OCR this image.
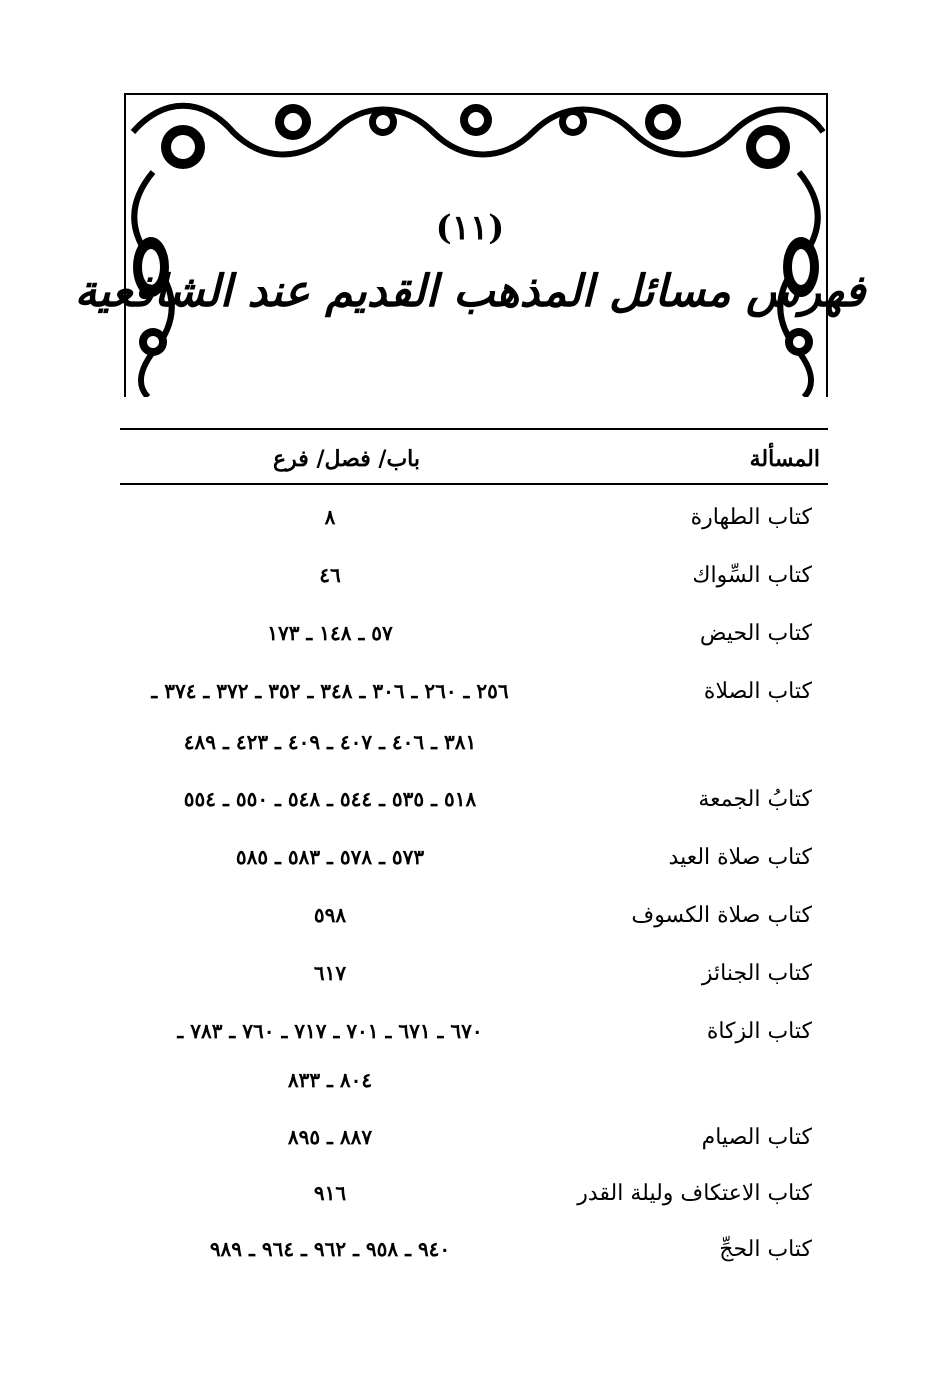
(١١)
فهرس مسائل المذهب القديم عند الشافعية
المسألة
باب/ فصل/ فرع
كتاب الطهارة
٨
كتاب السِّواك
٤٦
كتاب الحيض
٥٧ ـ ١٤٨ ـ ١٧٣
كتاب الصلاة
٢٥٦ ـ ٢٦٠ ـ ٣٠٦ ـ ٣٤٨ ـ ٣٥٢ ـ ٣٧٢ ـ ٣٧٤ ـ
٣٨١ ـ ٤٠٦ ـ ٤٠٧ ـ ٤٠٩ ـ ٤٢٣ ـ ٤٨٩
كتابُ الجمعة
٥١٨ ـ ٥٣٥ ـ ٥٤٤ ـ ٥٤٨ ـ ٥٥٠ ـ ٥٥٤
كتاب صلاة العيد
٥٧٣ ـ ٥٧٨ ـ ٥٨٣ ـ ٥٨٥
كتاب صلاة الكسوف
٥٩٨
كتاب الجنائز
٦١٧
كتاب الزكاة
٦٧٠ ـ ٦٧١ ـ ٧٠١ ـ ٧١٧ ـ ٧٦٠ ـ ٧٨٣ ـ
٨٠٤ ـ ٨٣٣
كتاب الصيام
٨٨٧ ـ ٨٩٥
كتاب الاعتكاف وليلة القدر
٩١٦
كتاب الحجِّ
٩٤٠ ـ ٩٥٨ ـ ٩٦٢ ـ ٩٦٤ ـ ٩٨٩
